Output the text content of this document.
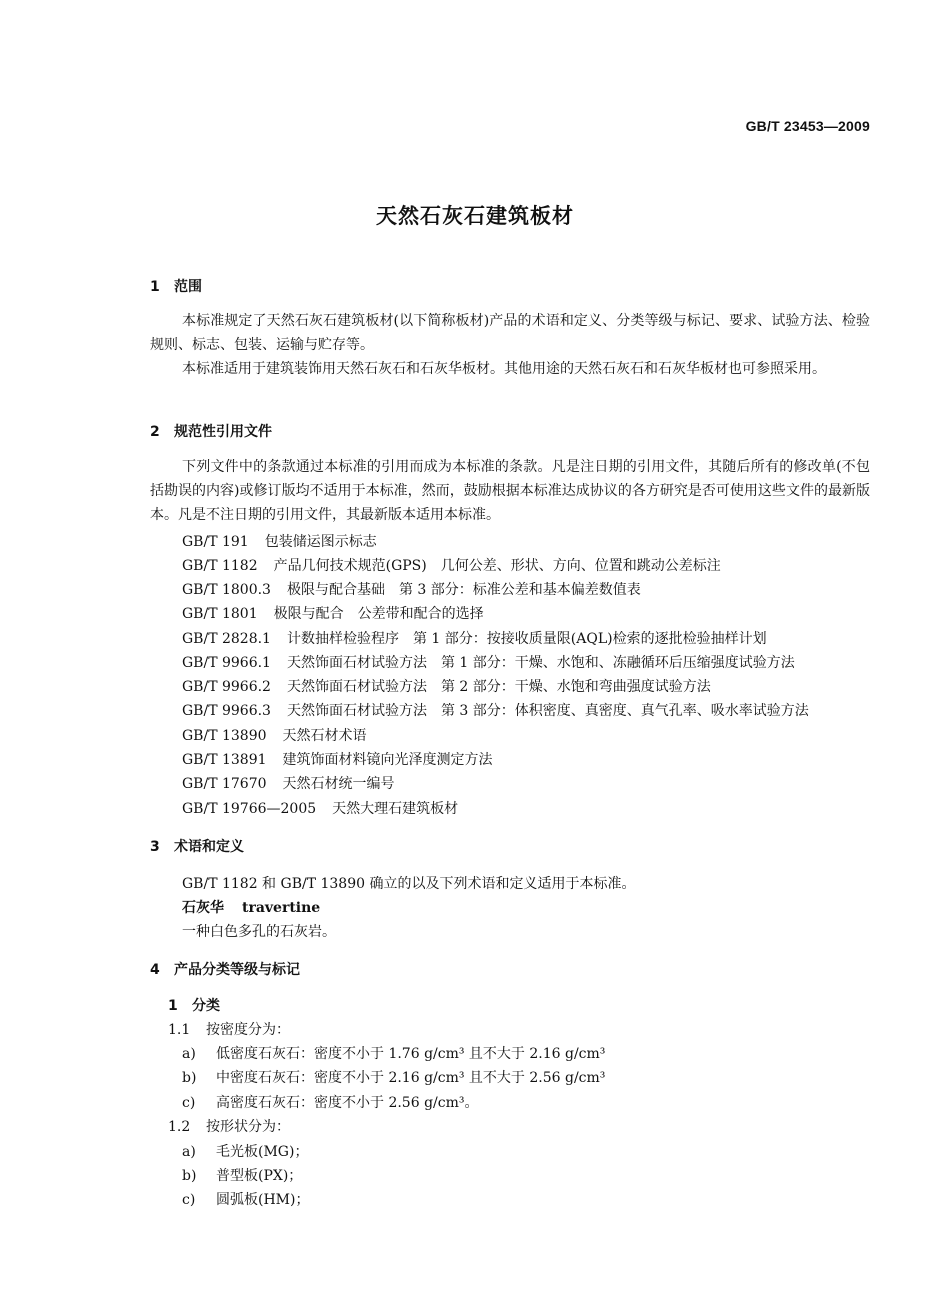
GB/T 23453—2009
天然石灰石建筑板材
1 范围
本标准规定了天然石灰石建筑板材(以下简称板材)产品的术语和定义、分类等级与标记、要求、试验方法、检验规则、标志、包装、运输与贮存等。
本标准适用于建筑装饰用天然石灰石和石灰华板材。其他用途的天然石灰石和石灰华板材也可参照采用。
2 规范性引用文件
下列文件中的条款通过本标准的引用而成为本标准的条款。凡是注日期的引用文件，其随后所有的修改单(不包括勘误的内容)或修订版均不适用于本标准，然而，鼓励根据本标准达成协议的各方研究是否可使用这些文件的最新版本。凡是不注日期的引用文件，其最新版本适用本标准。
GB/T 191 包装储运图示标志
GB/T 1182 产品几何技术规范(GPS)　几何公差、形状、方向、位置和跳动公差标注
GB/T 1800.3 极限与配合基础　第 3 部分：标准公差和基本偏差数值表
GB/T 1801 极限与配合　公差带和配合的选择
GB/T 2828.1 计数抽样检验程序　第 1 部分：按接收质量限(AQL)检索的逐批检验抽样计划
GB/T 9966.1 天然饰面石材试验方法　第 1 部分：干燥、水饱和、冻融循环后压缩强度试验方法
GB/T 9966.2 天然饰面石材试验方法　第 2 部分：干燥、水饱和弯曲强度试验方法
GB/T 9966.3 天然饰面石材试验方法　第 3 部分：体积密度、真密度、真气孔率、吸水率试验方法
GB/T 13890 天然石材术语
GB/T 13891 建筑饰面材料镜向光泽度测定方法
GB/T 17670 天然石材统一编号
GB/T 19766—2005 天然大理石建筑板材
3 术语和定义
GB/T 1182 和 GB/T 13890 确立的以及下列术语和定义适用于本标准。
石灰华 travertine
一种白色多孔的石灰岩。
4 产品分类等级与标记
1 分类
1.1 按密度分为：
a) 低密度石灰石：密度不小于 1.76 g/cm³ 且不大于 2.16 g/cm³
b) 中密度石灰石：密度不小于 2.16 g/cm³ 且不大于 2.56 g/cm³
c) 高密度石灰石：密度不小于 2.56 g/cm³。
1.2 按形状分为：
a) 毛光板(MG)；
b) 普型板(PX)；
c) 圆弧板(HM)；
